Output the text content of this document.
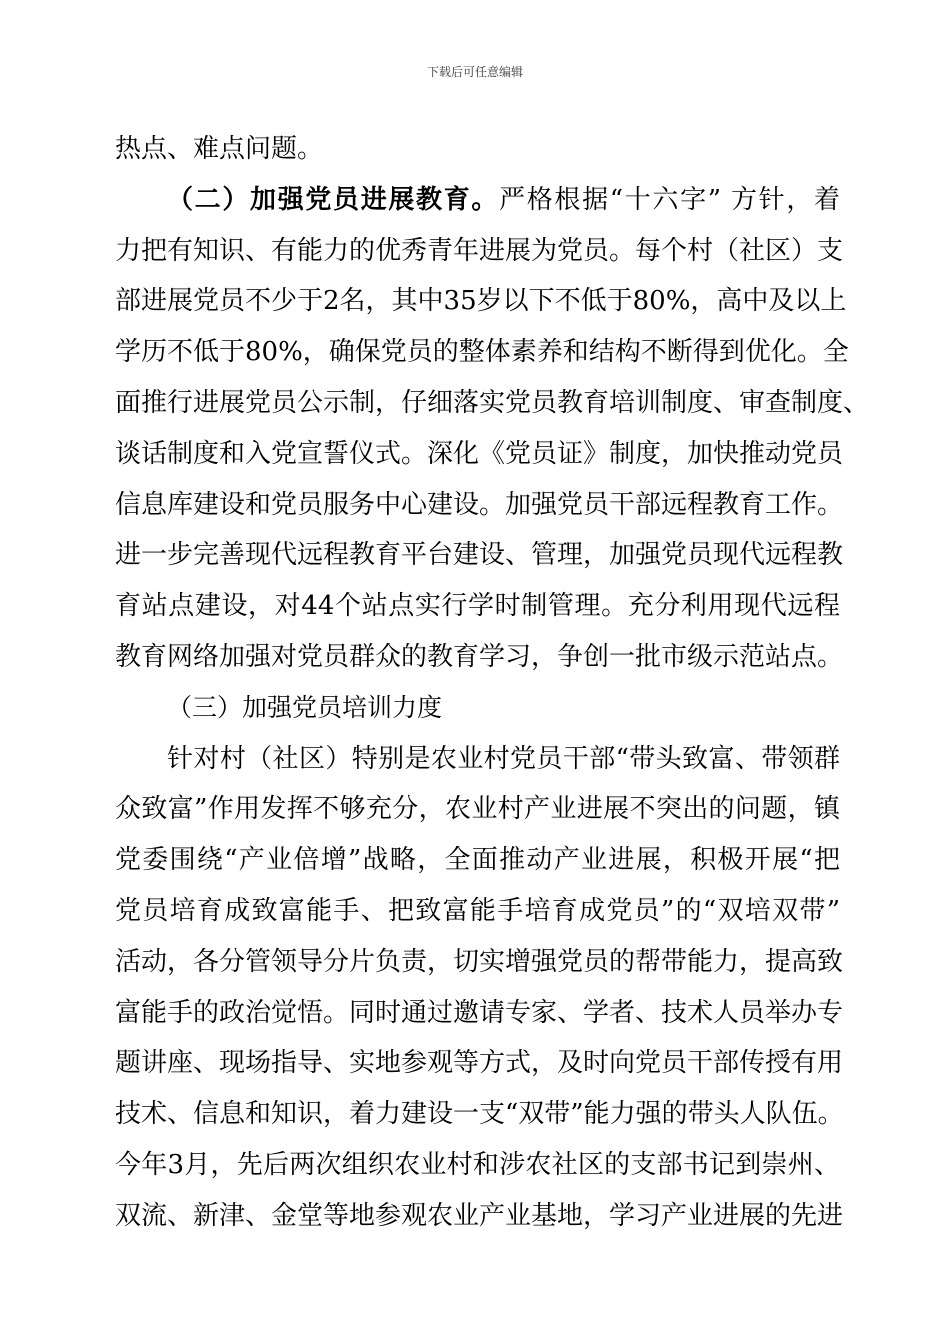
下载后可任意编辑
热点、难点问题。
（二）加强党员进展教育。严格根据“十六字” 方针，着
力把有知识、有能力的优秀青年进展为党员。每个村（社区）支
部进展党员不少于2名，其中35岁以下不低于80%，高中及以上
学历不低于80%，确保党员的整体素养和结构不断得到优化。全
面推行进展党员公示制，仔细落实党员教育培训制度、审查制度、
谈话制度和入党宣誓仪式。深化《党员证》制度，加快推动党员
信息库建设和党员服务中心建设。加强党员干部远程教育工作。
进一步完善现代远程教育平台建设、管理，加强党员现代远程教
育站点建设，对44个站点实行学时制管理。充分利用现代远程
教育网络加强对党员群众的教育学习，争创一批市级示范站点。
（三）加强党员培训力度
针对村（社区）特别是农业村党员干部“带头致富、带领群
众致富”作用发挥不够充分，农业村产业进展不突出的问题，镇
党委围绕“产业倍增”战略，全面推动产业进展，积极开展“把
党员培育成致富能手、把致富能手培育成党员”的“双培双带”
活动，各分管领导分片负责，切实增强党员的帮带能力，提高致
富能手的政治觉悟。同时通过邀请专家、学者、技术人员举办专
题讲座、现场指导、实地参观等方式，及时向党员干部传授有用
技术、信息和知识，着力建设一支“双带”能力强的带头人队伍。
今年3月，先后两次组织农业村和涉农社区的支部书记到崇州、
双流、新津、金堂等地参观农业产业基地，学习产业进展的先进
